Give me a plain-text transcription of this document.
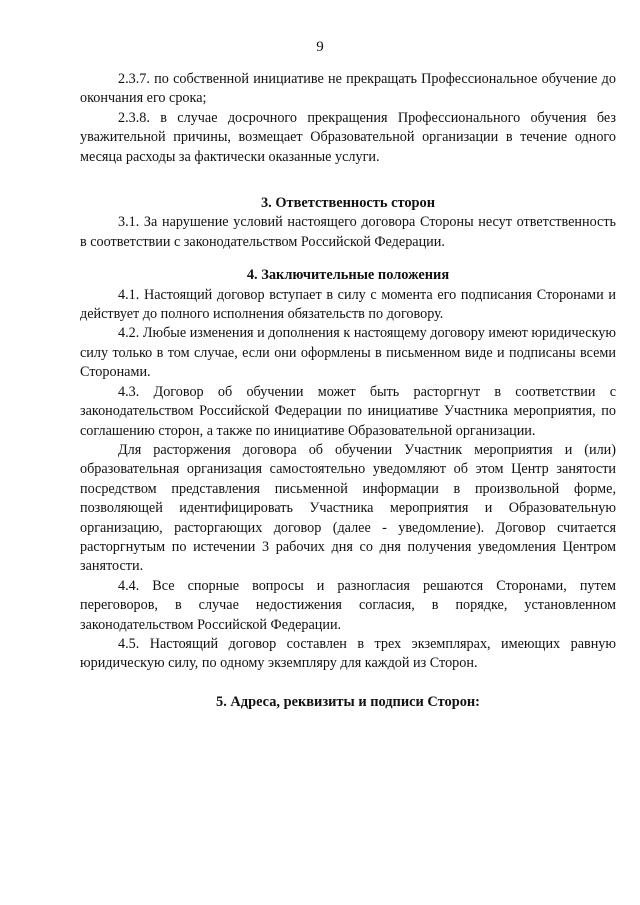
9

2.3.7. по собственной инициативе не прекращать Профессиональное обучение до окончания его срока;

2.3.8. в случае досрочного прекращения Профессионального обучения без уважительной причины, возмещает Образовательной организации в течение одного месяца расходы за фактически оказанные услуги.

3. Ответственность сторон

3.1. За нарушение условий настоящего договора Стороны несут ответственность в соответствии с законодательством Российской Федерации.

4. Заключительные положения

4.1. Настоящий договор вступает в силу с момента его подписания Сторонами и действует до полного исполнения обязательств по договору.

4.2. Любые изменения и дополнения к настоящему договору имеют юридическую силу только в том случае, если они оформлены в письменном виде и подписаны всеми Сторонами.

4.3. Договор об обучении может быть расторгнут в соответствии с законодательством Российской Федерации по инициативе Участника мероприятия, по соглашению сторон, а также по инициативе Образовательной организации.

Для расторжения договора об обучении Участник мероприятия и (или) образовательная организация самостоятельно уведомляют об этом Центр занятости посредством представления письменной информации в произвольной форме, позволяющей идентифицировать Участника мероприятия и Образовательную организацию, расторгающих договор (далее - уведомление). Договор считается расторгнутым по истечении 3 рабочих дня со дня получения уведомления Центром занятости.

4.4. Все спорные вопросы и разногласия решаются Сторонами, путем переговоров, в случае недостижения согласия, в порядке, установленном законодательством Российской Федерации.

4.5. Настоящий договор составлен в трех экземплярах, имеющих равную юридическую силу, по одному экземпляру для каждой из Сторон.

5. Адреса, реквизиты и подписи Сторон:
